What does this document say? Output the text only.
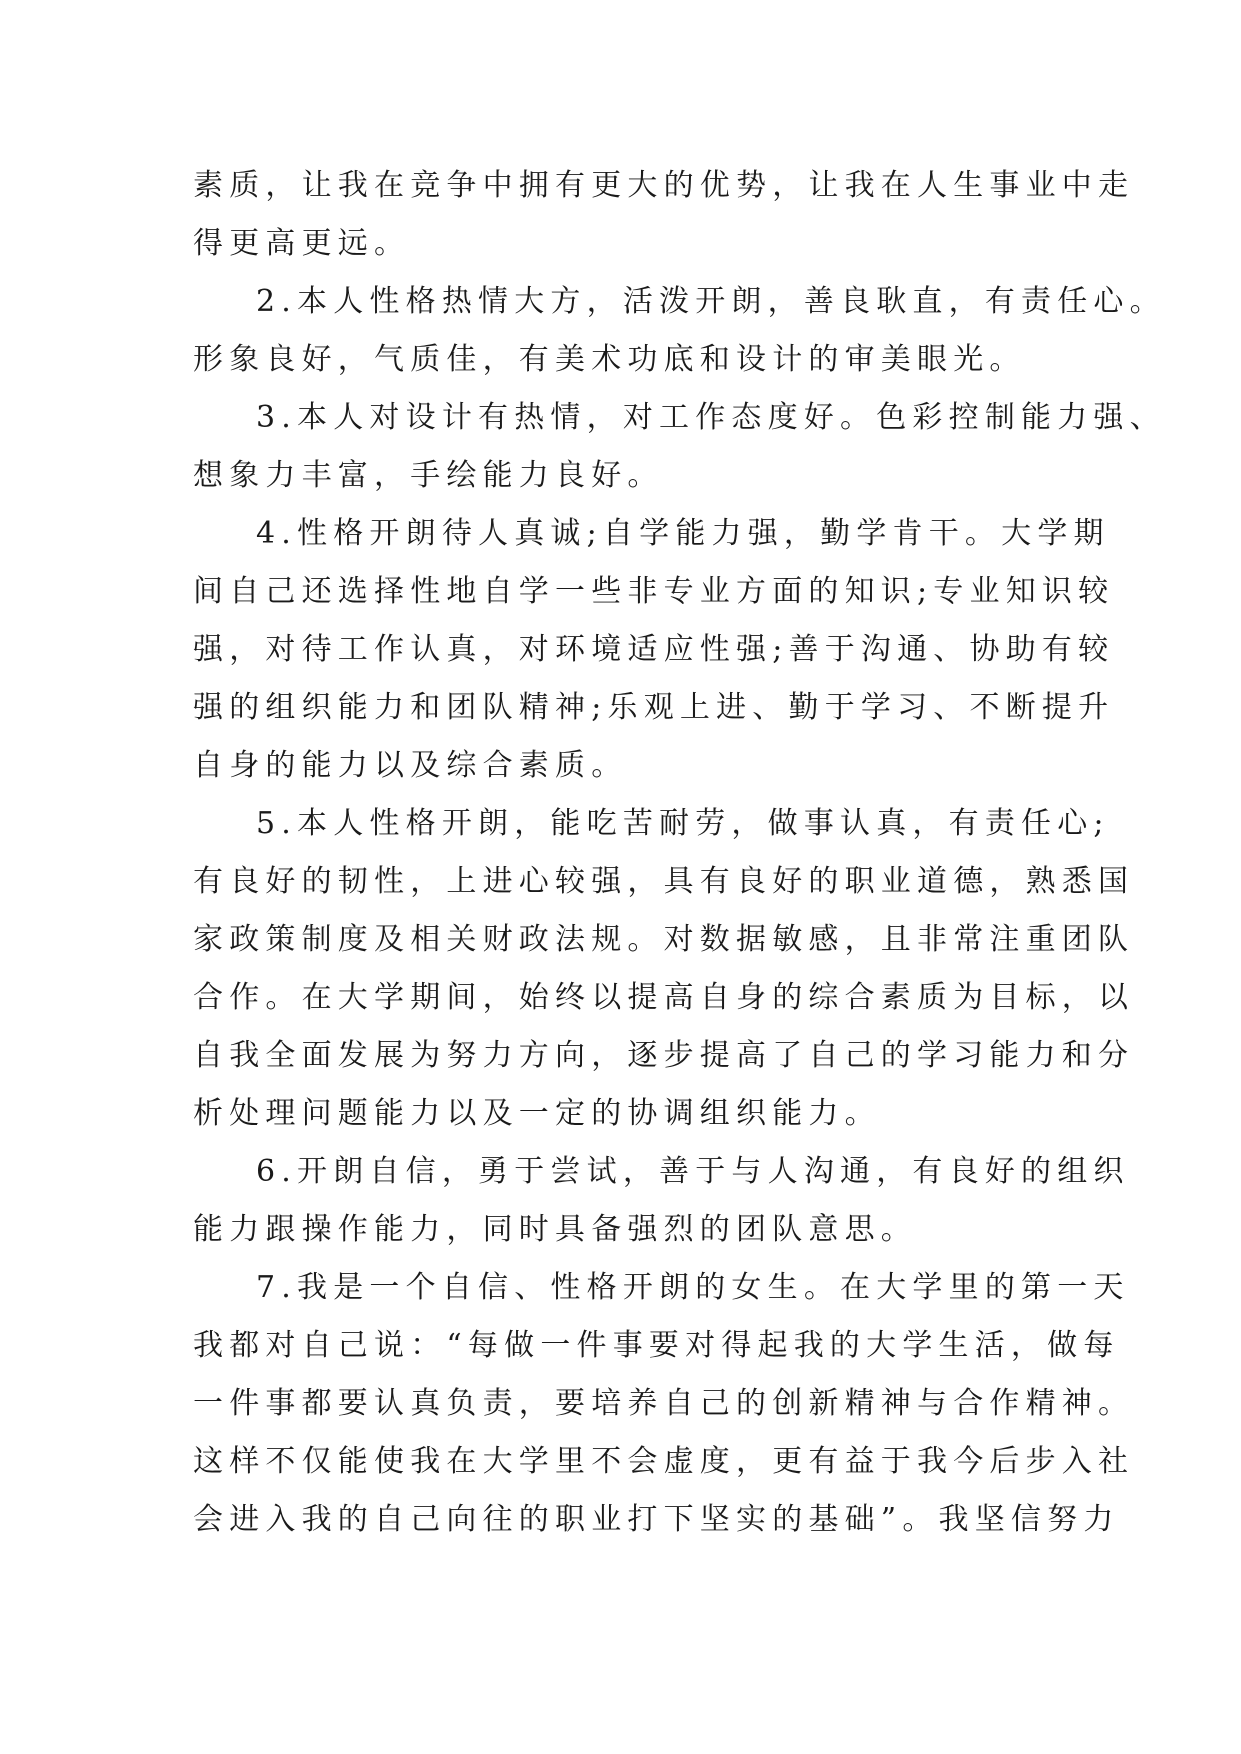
素质，让我在竞争中拥有更大的优势，让我在人生事业中走
得更高更远。
2.本人性格热情大方，活泼开朗，善良耿直，有责任心。
形象良好，气质佳，有美术功底和设计的审美眼光。
3.本人对设计有热情，对工作态度好。色彩控制能力强、
想象力丰富，手绘能力良好。
4.性格开朗待人真诚;自学能力强，勤学肯干。大学期
间自己还选择性地自学一些非专业方面的知识;专业知识较
强，对待工作认真，对环境适应性强;善于沟通、协助有较
强的组织能力和团队精神;乐观上进、勤于学习、不断提升
自身的能力以及综合素质。
5.本人性格开朗，能吃苦耐劳，做事认真，有责任心;
有良好的韧性，上进心较强，具有良好的职业道德，熟悉国
家政策制度及相关财政法规。对数据敏感，且非常注重团队
合作。在大学期间，始终以提高自身的综合素质为目标，以
自我全面发展为努力方向，逐步提高了自己的学习能力和分
析处理问题能力以及一定的协调组织能力。
6.开朗自信，勇于尝试，善于与人沟通，有良好的组织
能力跟操作能力，同时具备强烈的团队意思。
7.我是一个自信、性格开朗的女生。在大学里的第一天
我都对自己说：“每做一件事要对得起我的大学生活，做每
一件事都要认真负责，要培养自己的创新精神与合作精神。
这样不仅能使我在大学里不会虚度，更有益于我今后步入社
会进入我的自己向往的职业打下坚实的基础”。我坚信努力
